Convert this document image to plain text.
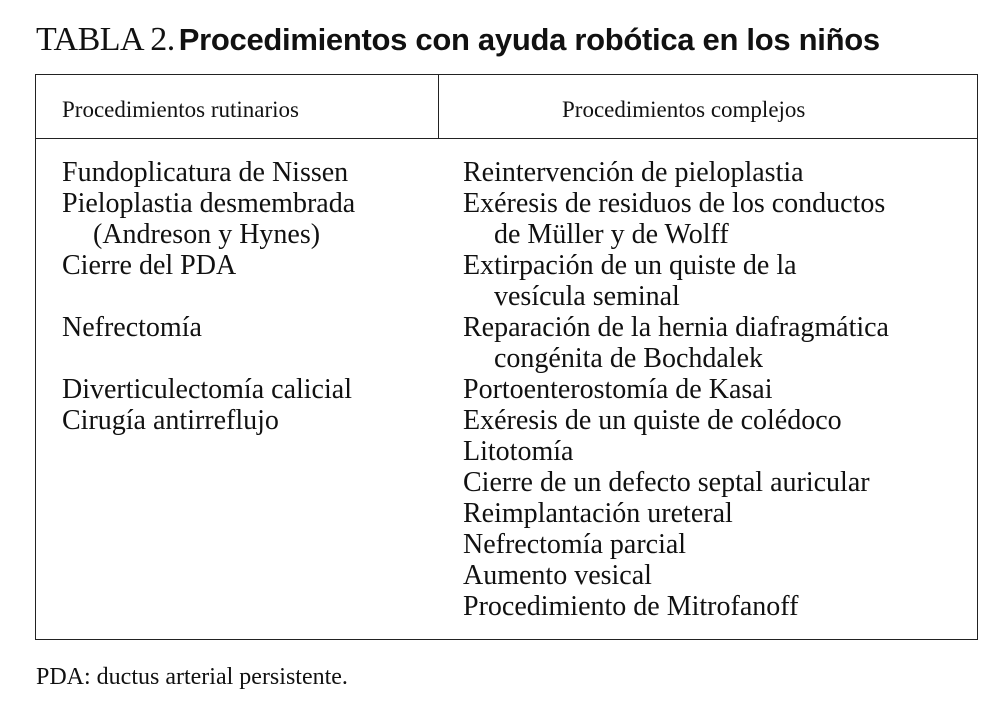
TABLA 2. Procedimientos con ayuda robótica en los niños
Procedimientos rutinarios	Procedimientos complejos
Fundoplicatura de Nissen
Pieloplastia desmembrada
(Andreson y Hynes)
Cierre del PDA
Nefrectomía
Diverticulectomía calicial
Cirugía antirreflujo
Reintervención de pieloplastia
Exéresis de residuos de los conductos
de Müller y de Wolff
Extirpación de un quiste de la
vesícula seminal
Reparación de la hernia diafragmática
congénita de Bochdalek
Portoenterostomía de Kasai
Exéresis de un quiste de colédoco
Litotomía
Cierre de un defecto septal auricular
Reimplantación ureteral
Nefrectomía parcial
Aumento vesical
Procedimiento de Mitrofanoff
PDA: ductus arterial persistente.
